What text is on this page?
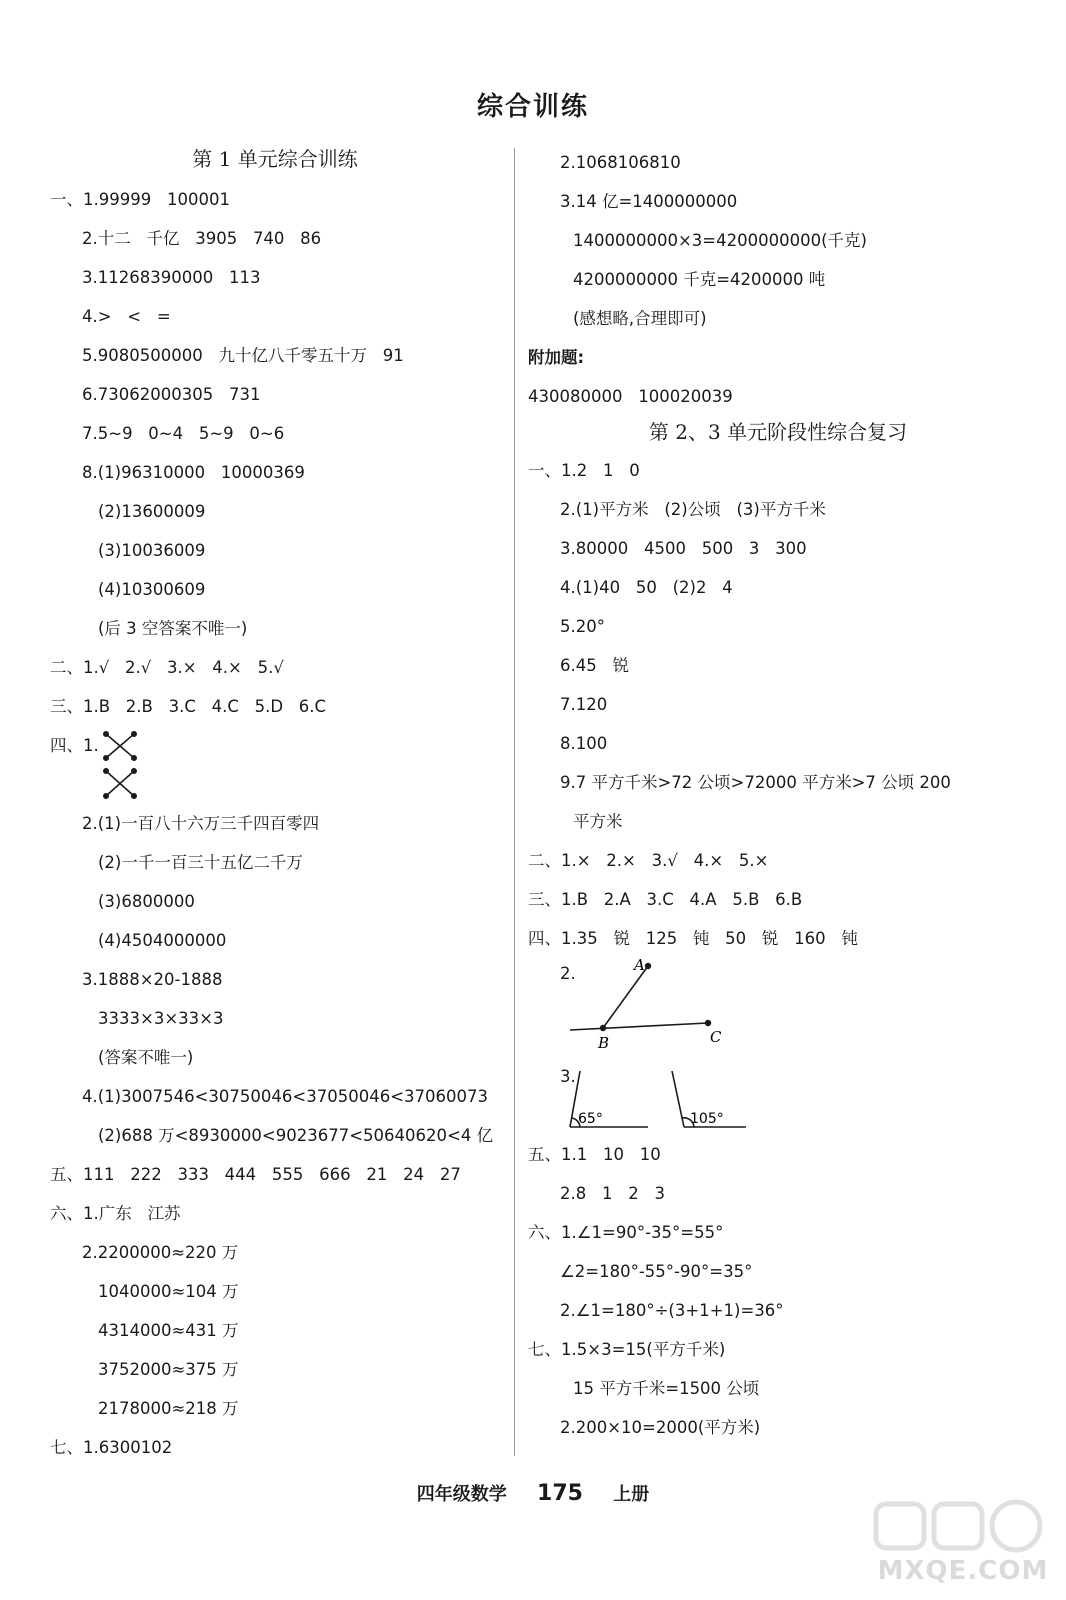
综合训练
第 1 单元综合训练
一、1.99999   100001
2.十二   千亿   3905   740   86
3.11268390000   113
4.>   <   =
5.9080500000   九十亿八千零五十万   91
6.73062000305   731
7.5~9   0~4   5~9   0~6
8.(1)96310000   10000369
(2)13600009
(3)10036009
(4)10300609
(后 3 空答案不唯一)
二、1.√   2.√   3.×   4.×   5.√
三、1.B   2.B   3.C   4.C   5.D   6.C
四、1.
2.(1)一百八十六万三千四百零四
(2)一千一百三十五亿二千万
(3)6800000
(4)4504000000
3.1888×20-1888
3333×3×33×3
(答案不唯一)
4.(1)3007546<30750046<37050046<37060073
(2)688 万<8930000<9023677<50640620<4 亿
五、111   222   333   444   555   666   21   24   27
六、1.广东   江苏
2.2200000≈220 万
1040000≈104 万
4314000≈431 万
3752000≈375 万
2178000≈218 万
七、1.6300102
2.1068106810
3.14 亿=1400000000
1400000000×3=4200000000(千克)
4200000000 千克=4200000 吨
(感想略,合理即可)
附加题:
430080000   100020039
第 2、3 单元阶段性综合复习
一、1.2   1   0
2.(1)平方米   (2)公顷   (3)平方千米
3.80000   4500   500   3   300
4.(1)40   50   (2)2   4
5.20°
6.45   锐
7.120
8.100
9.7 平方千米>72 公顷>72000 平方米>7 公顷 200
平方米
二、1.×   2.×   3.√   4.×   5.×
三、1.B   2.A   3.C   4.A   5.B   6.B
四、1.35   锐   125   钝   50   锐   160   钝
2.	A
B	C
3.
65°	105°
五、1.1   10   10
2.8   1   2   3
六、1.∠1=90°-35°=55°
∠2=180°-55°-90°=35°
2.∠1=180°÷(3+1+1)=36°
七、1.5×3=15(平方千米)
15 平方千米=1500 公顷
2.200×10=2000(平方米)
四年级数学 175 上册
MXQE.COM
